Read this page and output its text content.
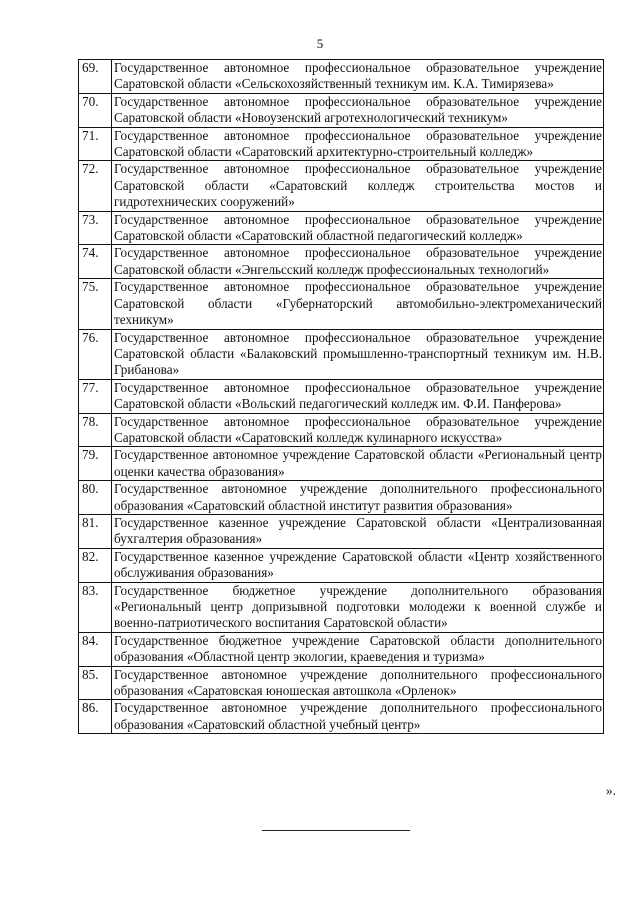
5
69.	Государственное автономное профессиональное образовательное учреждение Саратовской области «Сельскохозяйственный техникум им. К.А. Тимирязева»
70.	Государственное автономное профессиональное образовательное учреждение Саратовской области «Новоузенский агротехнологический техникум»
71.	Государственное автономное профессиональное образовательное учреждение Саратовской области «Саратовский архитектурно-строительный колледж»
72.	Государственное автономное профессиональное образовательное учреждение Саратовской области «Саратовский колледж строительства мостов и гидротехнических сооружений»
73.	Государственное автономное профессиональное образовательное учреждение Саратовской области «Саратовский областной педагогический колледж»
74.	Государственное автономное профессиональное образовательное учреждение Саратовской области «Энгельсский колледж профессиональных технологий»
75.	Государственное автономное профессиональное образовательное учреждение Саратовской области «Губернаторский автомобильно-электромеханический техникум»
76.	Государственное автономное профессиональное образовательное учреждение Саратовской области «Балаковский промышленно-транспортный техникум им. Н.В. Грибанова»
77.	Государственное автономное профессиональное образовательное учреждение Саратовской области «Вольский педагогический колледж им. Ф.И. Панферова»
78.	Государственное автономное профессиональное образовательное учреждение Саратовской области «Саратовский колледж кулинарного искусства»
79.	Государственное автономное учреждение Саратовской области «Региональный центр оценки качества образования»
80.	Государственное автономное учреждение дополнительного профессионального образования «Саратовский областной институт развития образования»
81.	Государственное казенное учреждение Саратовской области «Централизованная бухгалтерия образования»
82.	Государственное казенное учреждение Саратовской области «Центр хозяйственного обслуживания образования»
83.	Государственное бюджетное учреждение дополнительного образования «Региональный центр допризывной подготовки молодежи к военной службе и военно-патриотического воспитания Саратовской области»
84.	Государственное бюджетное учреждение Саратовской области дополнительного образования «Областной центр экологии, краеведения и туризма»
85.	Государственное автономное учреждение дополнительного профессионального образования «Саратовская юношеская автошкола «Орленок»
86.	Государственное автономное учреждение дополнительного профессионального образования «Саратовский областной учебный центр»
».
